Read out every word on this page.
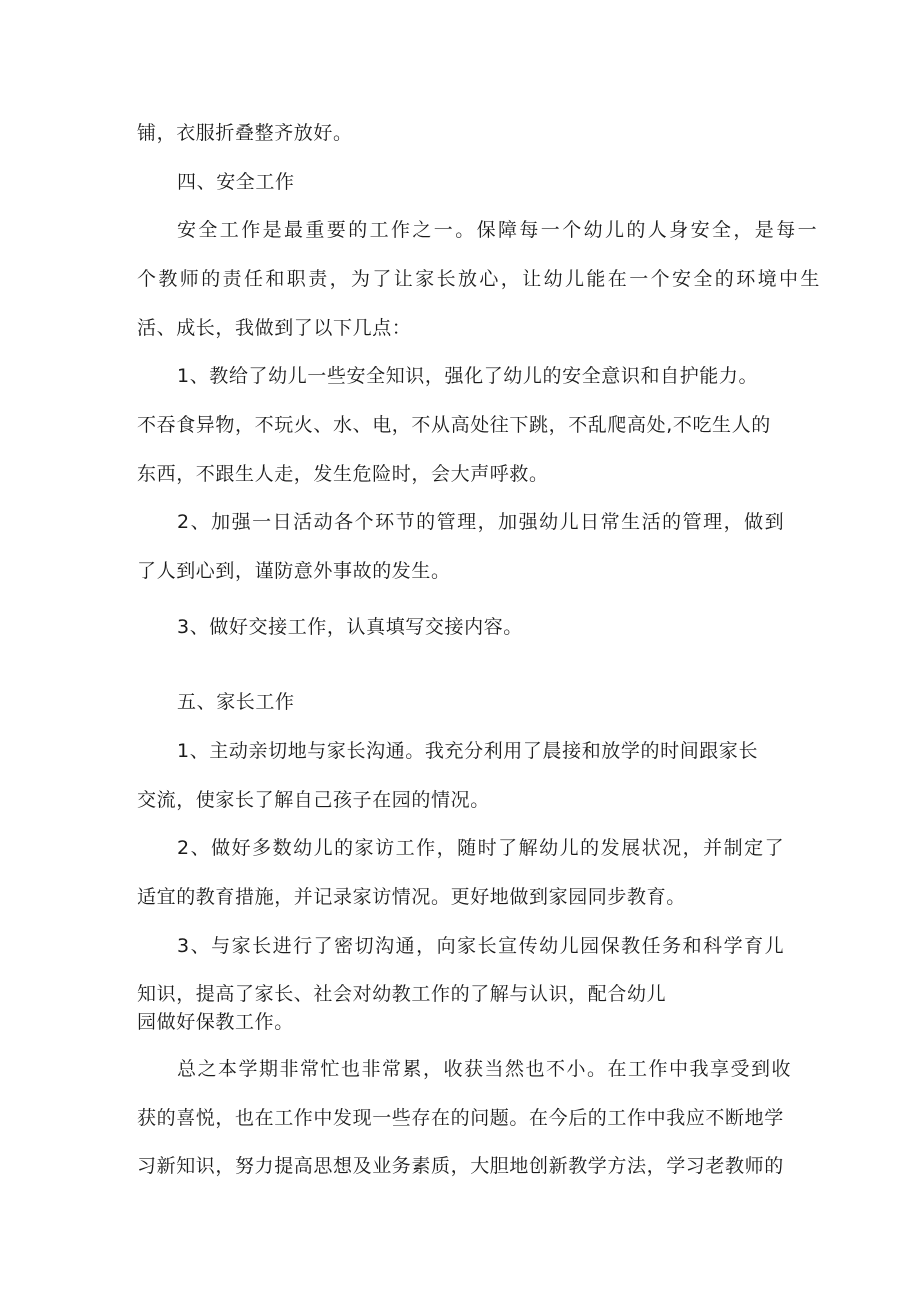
铺，衣服折叠整齐放好。
四、安全工作
安全工作是最重要的工作之一。保障每一个幼儿的人身安全，是每一
个教师的责任和职责，为了让家长放心，让幼儿能在一个安全的环境中生
活、成长，我做到了以下几点：
1、教给了幼儿一些安全知识，强化了幼儿的安全意识和自护能力。
不吞食异物，不玩火、水、电，不从高处往下跳，不乱爬高处,不吃生人的
东西，不跟生人走，发生危险时，会大声呼救。
2、加强一日活动各个环节的管理，加强幼儿日常生活的管理，做到
了人到心到，谨防意外事故的发生。
3、做好交接工作，认真填写交接内容。
五、家长工作
1、主动亲切地与家长沟通。我充分利用了晨接和放学的时间跟家长
交流，使家长了解自己孩子在园的情况。
2、做好多数幼儿的家访工作，随时了解幼儿的发展状况，并制定了
适宜的教育措施，并记录家访情况。更好地做到家园同步教育。
3、与家长进行了密切沟通，向家长宣传幼儿园保教任务和科学育儿
知识，提高了家长、社会对幼教工作的了解与认识，配合幼儿
园做好保教工作。
总之本学期非常忙也非常累，收获当然也不小。在工作中我享受到收
获的喜悦，也在工作中发现一些存在的问题。在今后的工作中我应不断地学
习新知识，努力提高思想及业务素质，大胆地创新教学方法，学习老教师的
